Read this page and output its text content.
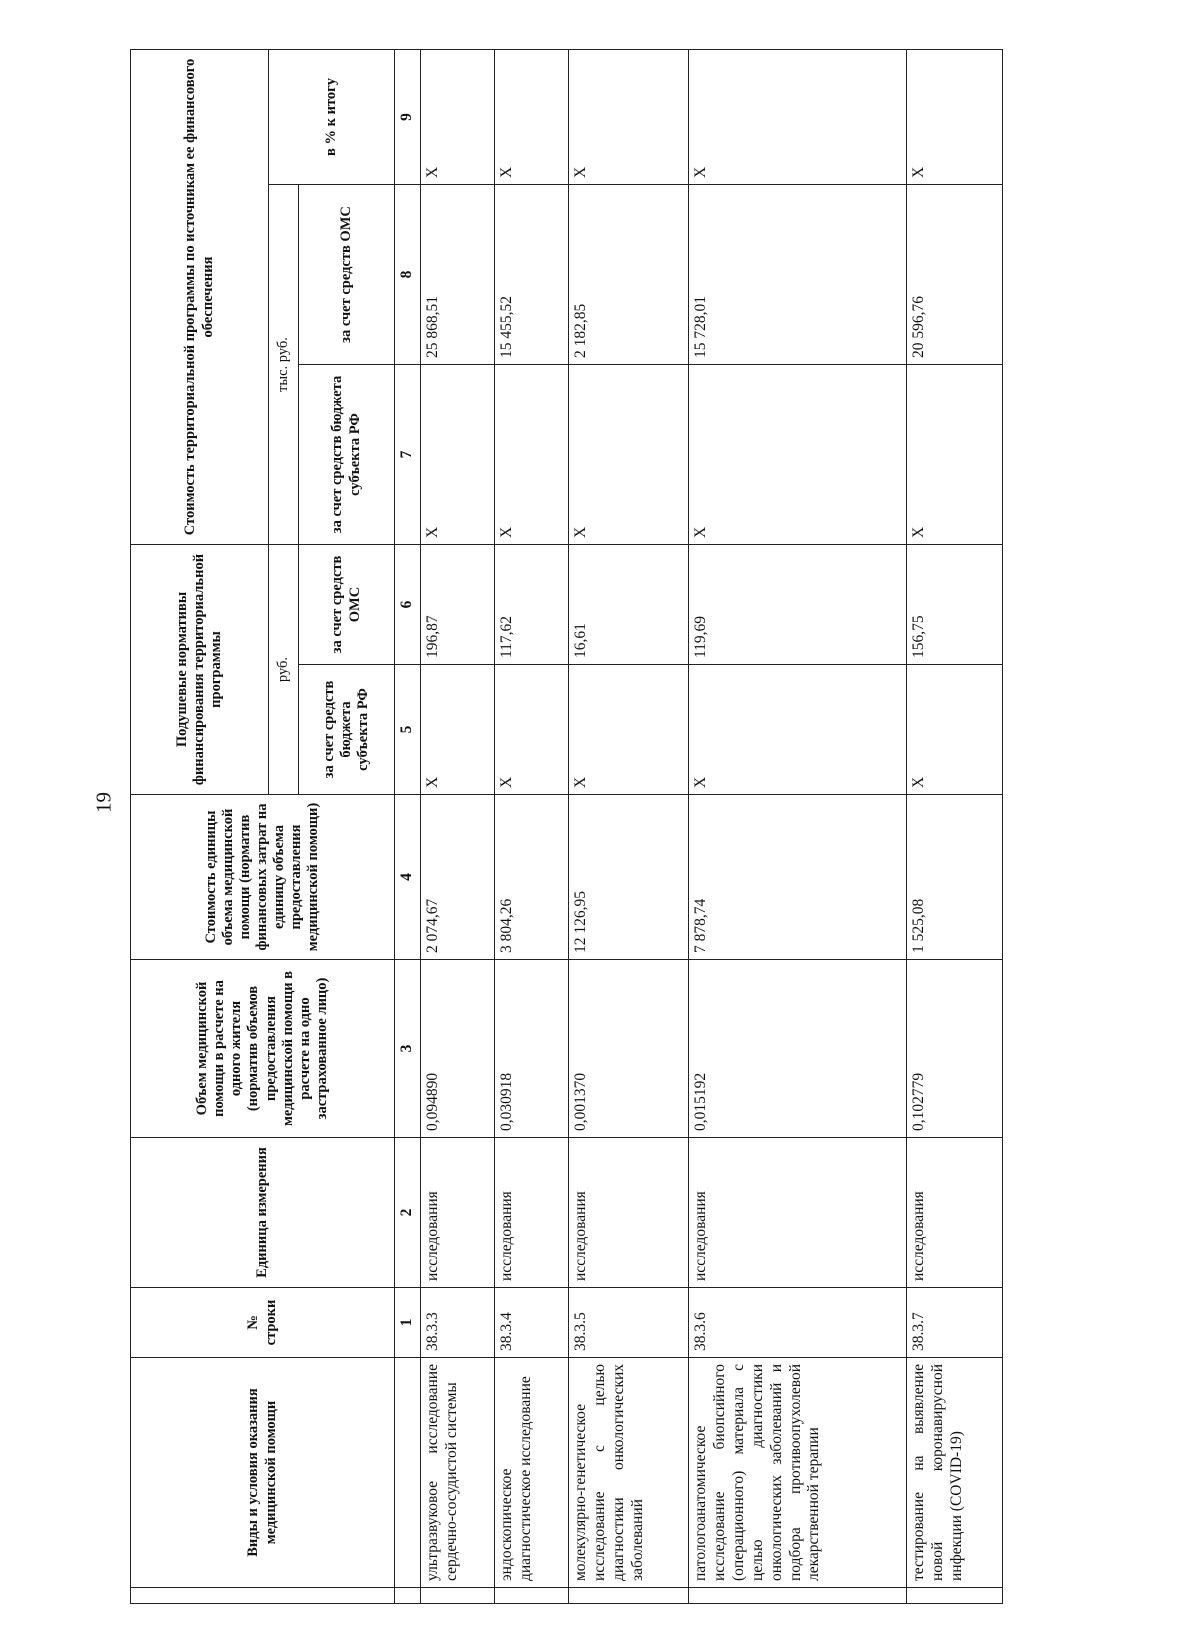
19
	Виды и условия оказания медицинской помощи	№ строки	Единица измерения	Объем медицинской помощи в расчете на одного жителя (норматив объемов предоставления медицинской помощи в расчете на одно застрахованное лицо)	Стоимость единицы объема медицинской помощи (норматив финансовых затрат на единицу объема предоставления медицинской помощи)	Подушевые нормативы финансирования территориальной программы		Стоимость территориальной программы по источникам ее финансового обеспечения		
						руб.		тыс. руб.		в % к итогу
						за счет средств бюджета субъекта РФ	за счет средств ОМС	за счет средств бюджета субъекта РФ	за счет средств ОМС	
		1	2	3	4	5	6	7	8	9
	ультразвуковое исследование сердечно-сосудистой системы	38.3.3	исследования	0,094890	2 074,67	Х	196,87	Х	25 868,51	Х
	эндоскопическое диагностическое исследование	38.3.4	исследования	0,030918	3 804,26	Х	117,62	Х	15 455,52	Х
	молекулярно-генетическое исследование с целью диагностики онкологических заболеваний	38.3.5	исследования	0,001370	12 126,95	Х	16,61	Х	2 182,85	Х
	патологоанатомическое исследование биопсийного (операционного) материала с целью диагностики онкологических заболеваний и подбора противоопухолевой лекарственной терапии	38.3.6	исследования	0,015192	7 878,74	Х	119,69	Х	15 728,01	Х
	тестирование на выявление новой коронавирусной инфекции (COVID-19)	38.3.7	исследования	0,102779	1 525,08	Х	156,75	Х	20 596,76	Х
